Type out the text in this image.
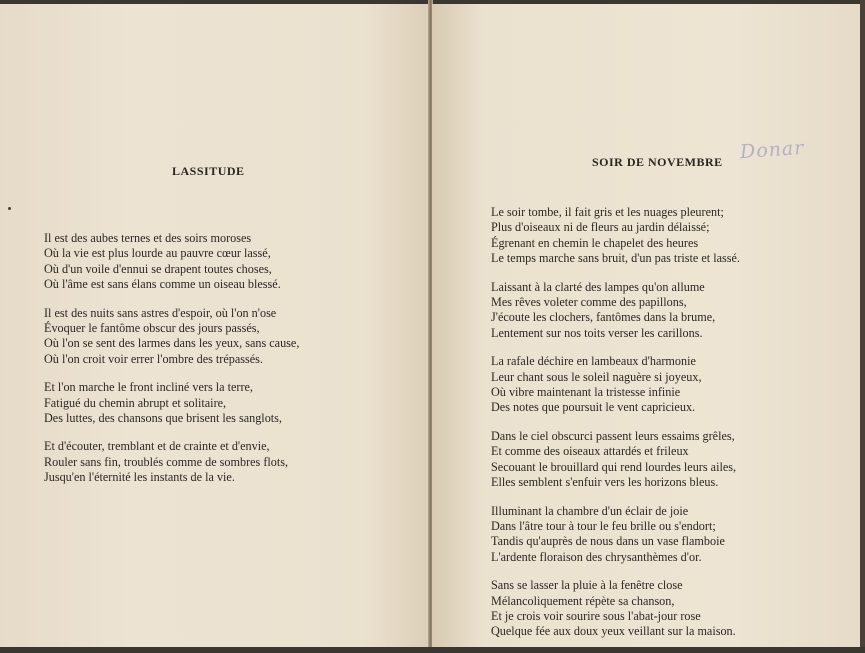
LASSITUDE
Il est des aubes ternes et des soirs moroses
Où la vie est plus lourde au pauvre cœur lassé,
Où d'un voile d'ennui se drapent toutes choses,
Où l'âme est sans élans comme un oiseau blessé.
Il est des nuits sans astres d'espoir, où l'on n'ose
Évoquer le fantôme obscur des jours passés,
Où l'on se sent des larmes dans les yeux, sans cause,
Où l'on croit voir errer l'ombre des trépassés.
Et l'on marche le front incliné vers la terre,
Fatigué du chemin abrupt et solitaire,
Des luttes, des chansons que brisent les sanglots,
Et d'écouter, tremblant et de crainte et d'envie,
Rouler sans fin, troublés comme de sombres flots,
Jusqu'en l'éternité les instants de la vie.
SOIR DE NOVEMBRE
Le soir tombe, il fait gris et les nuages pleurent;
Plus d'oiseaux ni de fleurs au jardin délaissé;
Égrenant en chemin le chapelet des heures
Le temps marche sans bruit, d'un pas triste et lassé.
Laissant à la clarté des lampes qu'on allume
Mes rêves voleter comme des papillons,
J'écoute les clochers, fantômes dans la brume,
Lentement sur nos toits verser les carillons.
La rafale déchire en lambeaux d'harmonie
Leur chant sous le soleil naguère si joyeux,
Où vibre maintenant la tristesse infinie
Des notes que poursuit le vent capricieux.
Dans le ciel obscurci passent leurs essaims grêles,
Et comme des oiseaux attardés et frileux
Secouant le brouillard qui rend lourdes leurs ailes,
Elles semblent s'enfuir vers les horizons bleus.
Illuminant la chambre d'un éclair de joie
Dans l'âtre tour à tour le feu brille ou s'endort;
Tandis qu'auprès de nous dans un vase flamboie
L'ardente floraison des chrysanthèmes d'or.
Sans se lasser la pluie à la fenêtre close
Mélancoliquement répète sa chanson,
Et je crois voir sourire sous l'abat-jour rose
Quelque fée aux doux yeux veillant sur la maison.
Donar
